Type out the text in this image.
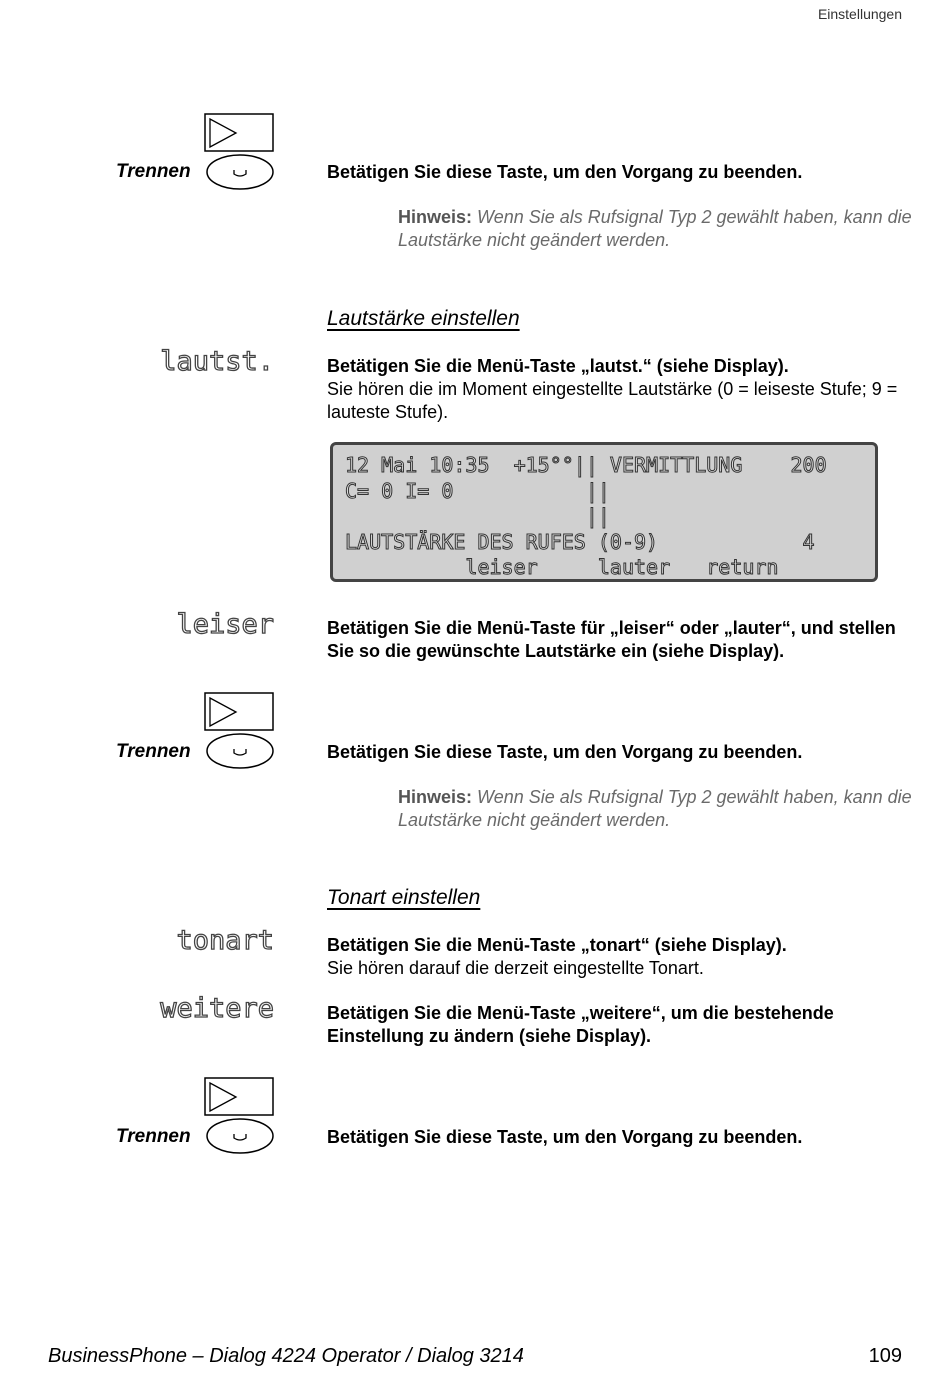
Einstellungen
Trennen	Betätigen Sie diese Taste, um den Vorgang zu beenden.
Hinweis: Wenn Sie als Rufsignal Typ 2 gewählt haben, kann die Lautstärke nicht geändert werden.
Lautstärke einstellen
lautst.	Betätigen Sie die Menü-Taste „lautst.“ (siehe Display).
Sie hören die im Moment eingestellte Lautstärke (0 = leiseste Stufe; 9 = lauteste Stufe).
12 Mai 10:35  +15°°|| VERMITTLUNG    200
C= 0 I= 0           ||
||
LAUTSTÄRKE DES RUFES (0-9)            4
leiser     lauter   return
leiser	Betätigen Sie die Menü-Taste für „leiser“ oder „lauter“, und stellen Sie so die gewünschte Lautstärke ein (siehe Display).
Trennen	Betätigen Sie diese Taste, um den Vorgang zu beenden.
Hinweis: Wenn Sie als Rufsignal Typ 2 gewählt haben, kann die Lautstärke nicht geändert werden.
Tonart einstellen
tonart	Betätigen Sie die Menü-Taste „tonart“ (siehe Display).
Sie hören darauf die derzeit eingestellte Tonart.
weitere	Betätigen Sie die Menü-Taste „weitere“, um die bestehende Einstellung zu ändern (siehe Display).
Trennen	Betätigen Sie diese Taste, um den Vorgang zu beenden.
BusinessPhone – Dialog 4224 Operator / Dialog 3214	109
